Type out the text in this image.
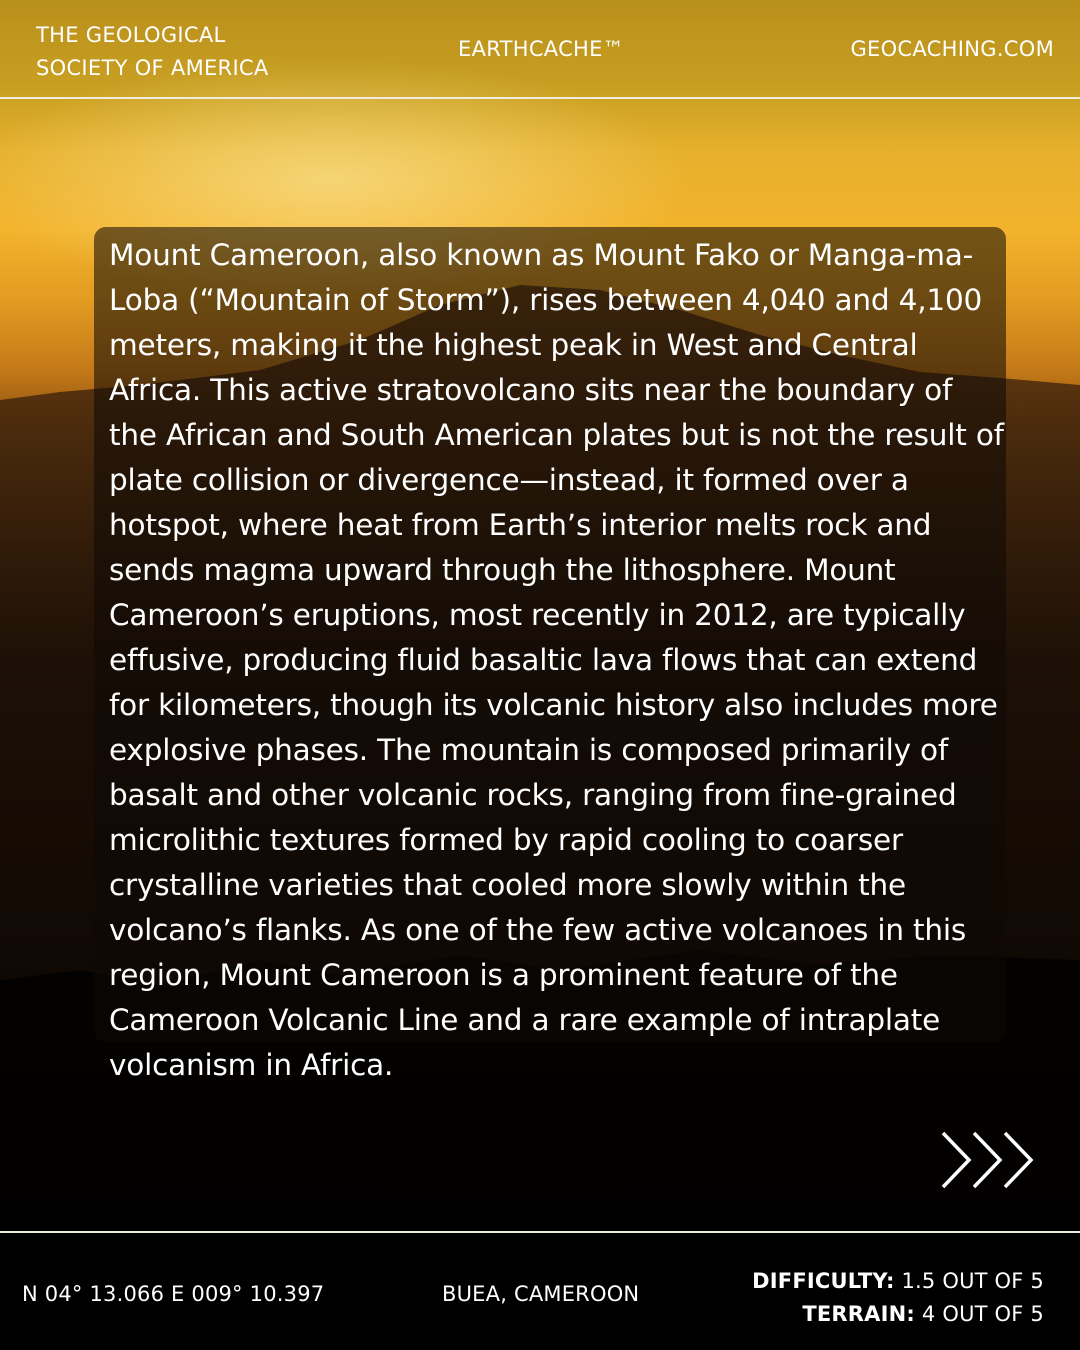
THE GEOLOGICAL
SOCIETY OF AMERICA
EARTHCACHE™	GEOCACHING.COM
Mount Cameroon, also known as Mount Fako or Manga-ma-Loba (“Mountain of Storm”), rises between 4,040 and 4,100 meters, making it the highest peak in West and Central Africa. This active stratovolcano sits near the boundary of the African and South American plates but is not the result of plate collision or divergence—instead, it formed over a hotspot, where heat from Earth’s interior melts rock and sends magma upward through the lithosphere. Mount Cameroon’s eruptions, most recently in 2012, are typically effusive, producing fluid basaltic lava flows that can extend for kilometers, though its volcanic history also includes more explosive phases. The mountain is composed primarily of basalt and other volcanic rocks, ranging from fine-grained microlithic textures formed by rapid cooling to coarser crystalline varieties that cooled more slowly within the volcano’s flanks. As one of the few active volcanoes in this region, Mount Cameroon is a prominent feature of the Cameroon Volcanic Line and a rare example of intraplate volcanism in Africa.
N 04° 13.066 E 009° 10.397	BUEA, CAMEROON
DIFFICULTY: 1.5 OUT OF 5
TERRAIN: 4 OUT OF 5
